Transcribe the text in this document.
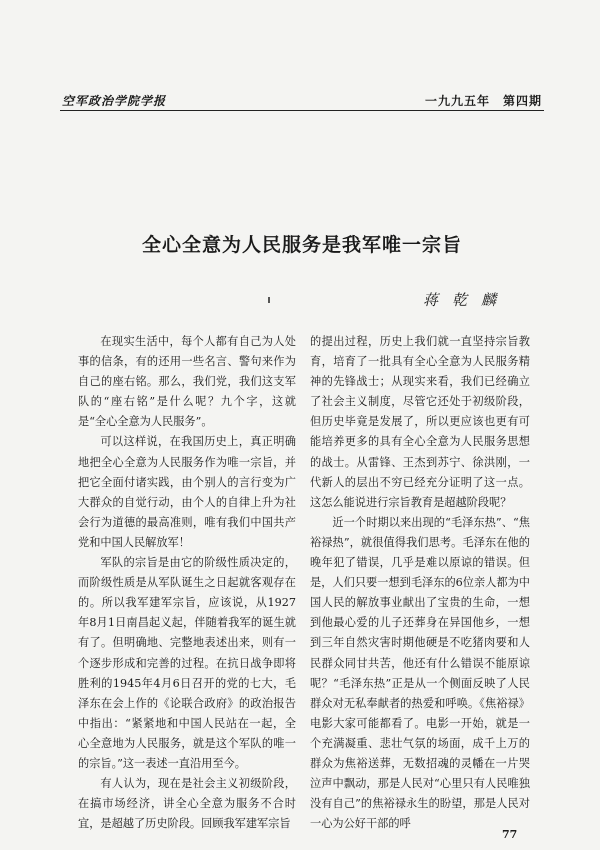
空军政治学院学报	一九九五年　第四期
全心全意为人民服务是我军唯一宗旨
蒋乾麟

在现实生活中，每个人都有自己为人处事的信条，有的还用一些名言、警句来作为自己的座右铭。那么，我们党，我们这支军队的“座右铭”是什么呢？九个字，这就是“全心全意为人民服务”。

可以这样说，在我国历史上，真正明确地把全心全意为人民服务作为唯一宗旨，并把它全面付诸实践，由个别人的言行变为广大群众的自觉行动，由个人的自律上升为社会行为道德的最高准则，唯有我们中国共产党和中国人民解放军！

军队的宗旨是由它的阶级性质决定的，而阶级性质是从军队诞生之日起就客观存在的。所以我军建军宗旨，应该说，从1927年8月1日南昌起义起，伴随着我军的诞生就有了。但明确地、完整地表述出来，则有一个逐步形成和完善的过程。在抗日战争即将胜利的1945年4月6日召开的党的七大，毛泽东在会上作的《论联合政府》的政治报告中指出：“紧紧地和中国人民站在一起，全心全意地为人民服务，就是这个军队的唯一的宗旨。”这一表述一直沿用至今。

有人认为，现在是社会主义初级阶段，在搞市场经济，讲全心全意为服务不合时宜，是超越了历史阶段。回顾我军建军宗旨

的提出过程，历史上我们就一直坚持宗旨教育，培育了一批具有全心全意为人民服务精神的先锋战士；从现实来看，我们已经确立了社会主义制度，尽管它还处于初级阶段，但历史毕竟是发展了，所以更应该也更有可能培养更多的具有全心全意为人民服务思想的战士。从雷锋、王杰到苏宁、徐洪刚，一代新人的层出不穷已经充分证明了这一点。这怎么能说进行宗旨教育是超越阶段呢？

近一个时期以来出现的“毛泽东热”、“焦裕禄热”，就很值得我们思考。毛泽东在他的晚年犯了错误，几乎是难以原谅的错误。但是，人们只要一想到毛泽东的6位亲人都为中国人民的解放事业献出了宝贵的生命，一想到他最心爱的儿子还葬身在异国他乡，一想到三年自然灾害时期他硬是不吃猪肉要和人民群众同甘共苦，他还有什么错误不能原谅呢？“毛泽东热”正是从一个侧面反映了人民群众对无私奉献者的热爱和呼唤。《焦裕禄》电影大家可能都看了。电影一开始，就是一个充满凝重、悲壮气氛的场面，成千上万的群众为焦裕送葬，无数招魂的灵幡在一片哭泣声中飘动，那是人民对“心里只有人民唯独没有自己”的焦裕禄永生的盼望，那是人民对一心为公好干部的呼

77
